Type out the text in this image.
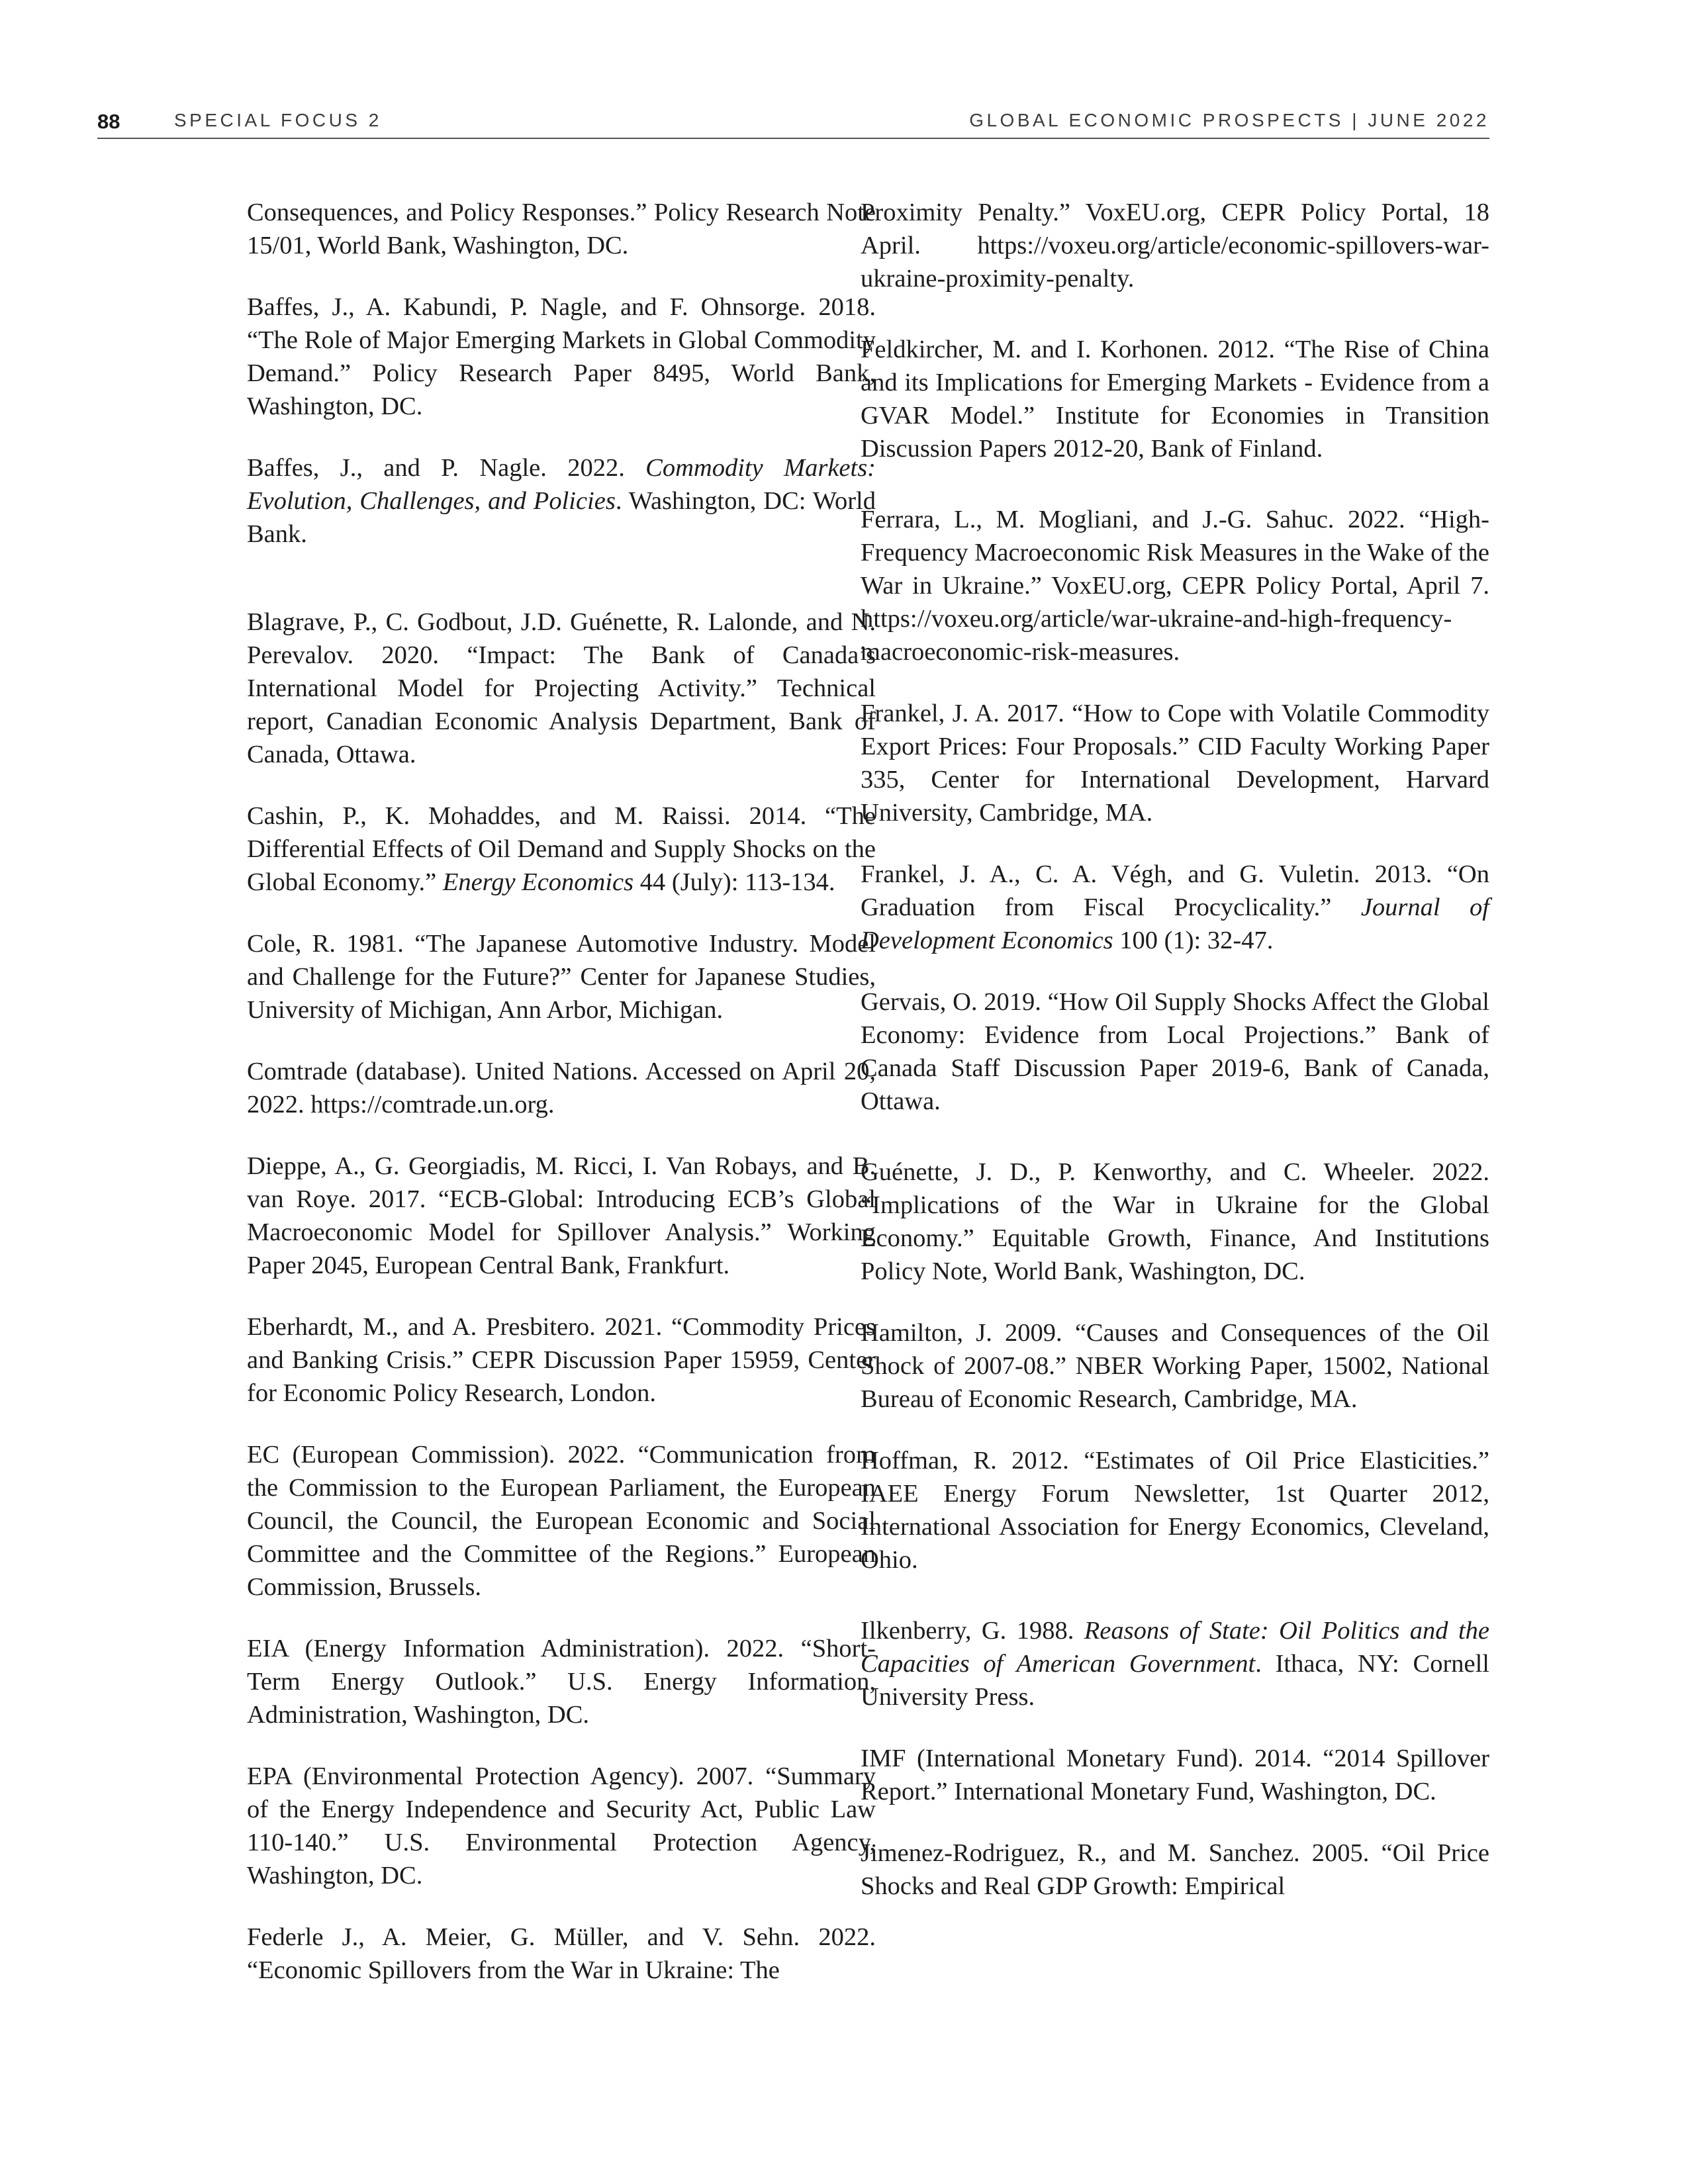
88	SPECIAL FOCUS 2	GLOBAL ECONOMIC PROSPECTS | JUNE 2022

Consequences, and Policy Responses.” Policy Research Note 15/01, World Bank, Washington, DC.

Baffes, J., A. Kabundi, P. Nagle, and F. Ohnsorge. 2018. “The Role of Major Emerging Markets in Global Commodity Demand.” Policy Research Paper 8495, World Bank, Washington, DC.

Baffes, J., and P. Nagle. 2022. Commodity Markets: Evolution, Challenges, and Policies. Washington, DC: World Bank.

Blagrave, P., C. Godbout, J.D. Guénette, R. Lalonde, and N. Perevalov. 2020. “Impact: The Bank of Canada’s International Model for Projecting Activity.” Technical report, Canadian Economic Analysis Department, Bank of Canada, Ottawa.

Cashin, P., K. Mohaddes, and M. Raissi. 2014. “The Differential Effects of Oil Demand and Supply Shocks on the Global Economy.” Energy Economics 44 (July): 113-134.

Cole, R. 1981. “The Japanese Automotive Industry. Model and Challenge for the Future?” Center for Japanese Studies, University of Michigan, Ann Arbor, Michigan.

Comtrade (database). United Nations. Accessed on April 20, 2022. https://comtrade.un.org.

Dieppe, A., G. Georgiadis, M. Ricci, I. Van Robays, and B. van Roye. 2017. “ECB-Global: Introducing ECB’s Global Macroeconomic Model for Spillover Analysis.” Working Paper 2045, European Central Bank, Frankfurt.

Eberhardt, M., and A. Presbitero. 2021. “Commodity Prices and Banking Crisis.” CEPR Discussion Paper 15959, Center for Economic Policy Research, London.

EC (European Commission). 2022. “Communication from the Commission to the European Parliament, the European Council, the Council, the European Economic and Social Committee and the Committee of the Regions.” European Commission, Brussels.

EIA (Energy Information Administration). 2022. “Short-Term Energy Outlook.” U.S. Energy Information, Administration, Washington, DC.

EPA (Environmental Protection Agency). 2007. “Summary of the Energy Independence and Security Act, Public Law 110-140.” U.S. Environmental Protection Agency, Washington, DC.

Federle J., A. Meier, G. Müller, and V. Sehn. 2022. “Economic Spillovers from the War in Ukraine: The

Proximity Penalty.” VoxEU.org, CEPR Policy Portal, 18 April. https://voxeu.org/article/economic-spillovers-war-ukraine-proximity-penalty.

Feldkircher, M. and I. Korhonen. 2012. “The Rise of China and its Implications for Emerging Markets - Evidence from a GVAR Model.” Institute for Economies in Transition Discussion Papers 2012-20, Bank of Finland.

Ferrara, L., M. Mogliani, and J.-G. Sahuc. 2022. “High-Frequency Macroeconomic Risk Measures in the Wake of the War in Ukraine.” VoxEU.org, CEPR Policy Portal, April 7. https://voxeu.org/article/war-ukraine-and-high-frequency-macroeconomic-risk-measures.

Frankel, J. A. 2017. “How to Cope with Volatile Commodity Export Prices: Four Proposals.” CID Faculty Working Paper 335, Center for International Development, Harvard University, Cambridge, MA.

Frankel, J. A., C. A. Végh, and G. Vuletin. 2013. “On Graduation from Fiscal Procyclicality.” Journal of Development Economics 100 (1): 32-47.

Gervais, O. 2019. “How Oil Supply Shocks Affect the Global Economy: Evidence from Local Projections.” Bank of Canada Staff Discussion Paper 2019-6, Bank of Canada, Ottawa.

Guénette, J. D., P. Kenworthy, and C. Wheeler. 2022. “Implications of the War in Ukraine for the Global Economy.” Equitable Growth, Finance, And Institutions Policy Note, World Bank, Washington, DC.

Hamilton, J. 2009. “Causes and Consequences of the Oil Shock of 2007-08.” NBER Working Paper, 15002, National Bureau of Economic Research, Cambridge, MA.

Hoffman, R. 2012. “Estimates of Oil Price Elasticities.” IAEE Energy Forum Newsletter, 1st Quarter 2012, International Association for Energy Economics, Cleveland, Ohio.

Ilkenberry, G. 1988. Reasons of State: Oil Politics and the Capacities of American Government. Ithaca, NY: Cornell University Press.

IMF (International Monetary Fund). 2014. “2014 Spillover Report.” International Monetary Fund, Washington, DC.

Jimenez-Rodriguez, R., and M. Sanchez. 2005. “Oil Price Shocks and Real GDP Growth: Empirical
